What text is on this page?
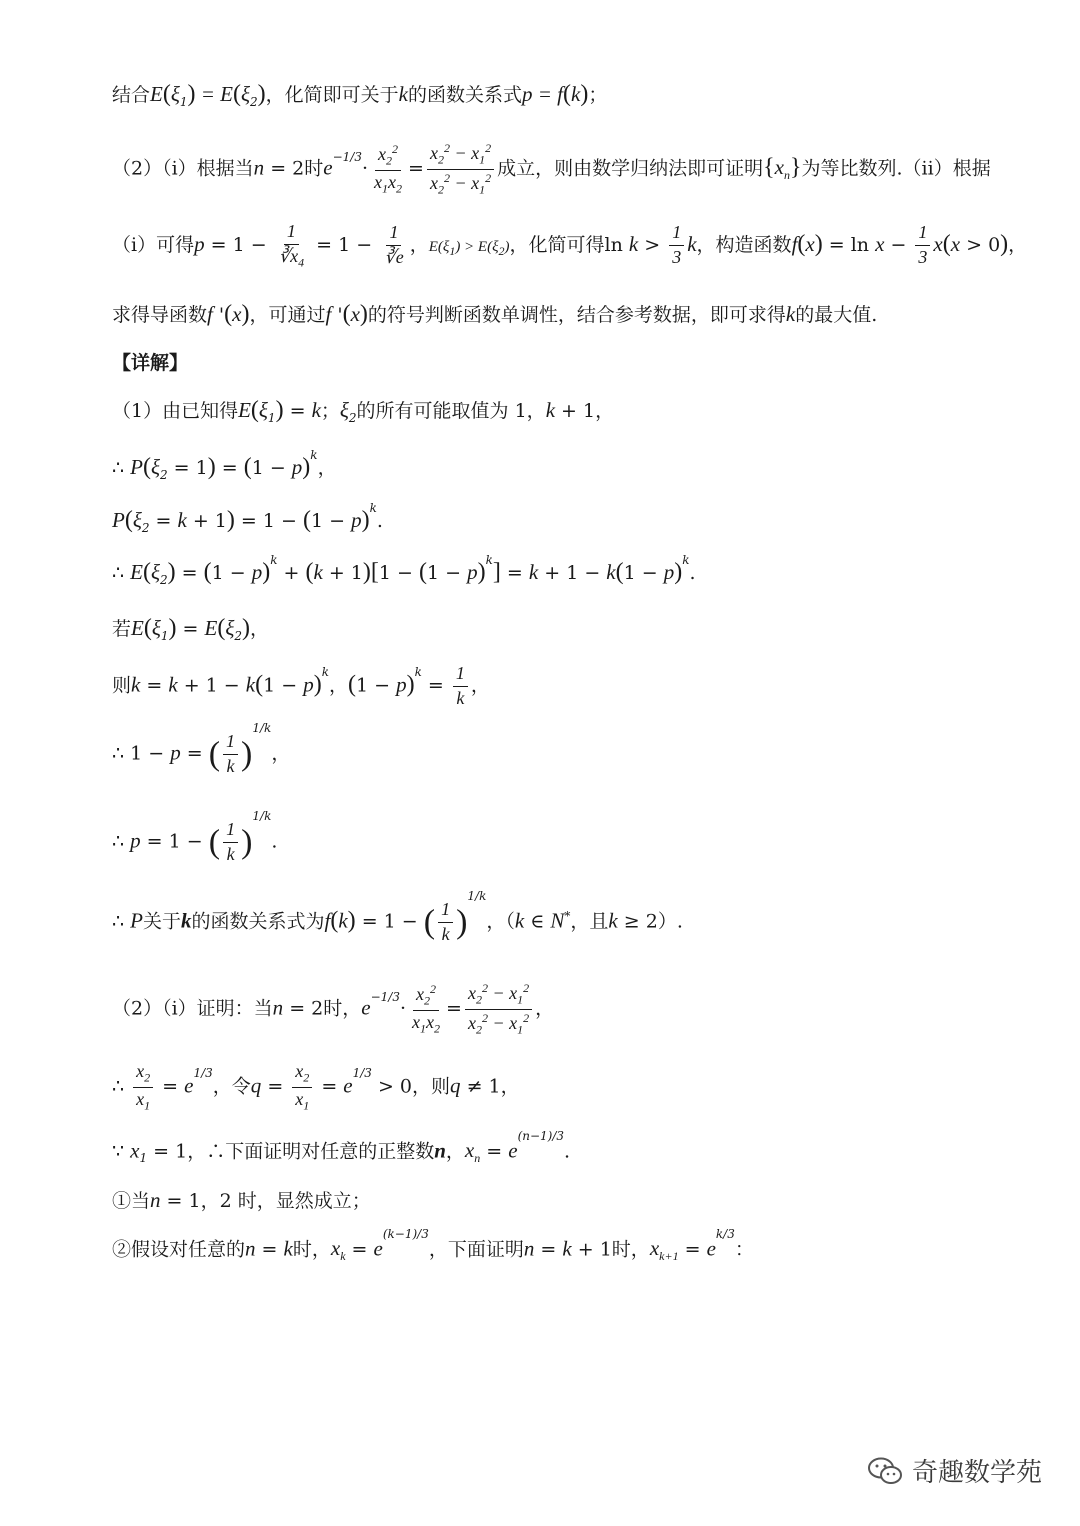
结合$E(\xi_1) = E(\xi_2)$，化简即可关于k的函数关系式p = f(k)；
（2）（i）根据当n = 2时$e^{-1/3}\cdot \frac{x_2^2}{x_1x_2} = \frac{x_2^2 - x_1^2}{x_2^2 - x_1^2}$ 成立，则由数学归纳法即可证明$\{x_n\}$为等比数列.（ii）根据
（i）可得$p = 1 - \frac{1}{∛x_4} = 1 - \frac{1}{∛e}$ ，$E(\xi_1) > E(\xi_2)$，化简可得$\ln k > \frac{1}{3}$ k，构造函数$f(x) = \ln x - \frac{1}{3} x(x > 0)$，
求得导函数f '(x)，可通过f '(x)的符号判断函数单调性，结合参考数据，即可求得k的最大值.
【详解】
（1）由已知得$E(\xi_1) = k$；$\xi_2$的所有可能取值为 1，k + 1，
∴ $P(\xi_2 = 1) = (1 - p)^k$，
$P(\xi_2 = k + 1) = 1 - (1 - p)^k$.
∴ $E(\xi_2) = (1 - p)^k + (k + 1)[1 - (1 - p)^k] = k + 1 - k(1 - p)^k$.
若$E(\xi_1) = E(\xi_2)$，
则$k = k + 1 - k(1 - p)^k$，$(1 - p)^k = \frac{1}{k}$ ，
∴ 1 − p = ( $\frac{1}{k} )^{1/k}$，
∴ p = 1 − ( $\frac{1}{k} )^{1/k}$.
∴ P关于k的函数关系式为f(k) = 1 − ( $\frac{1}{k} )^{1/k}$，（k ∈ N*，且k ≥ 2）.
（2）（i）证明：当n = 2时，$e^{-1/3}\cdot \frac{x_2^2}{x_1x_2} = \frac{x_2^2 - x_1^2}{x_2^2 - x_1^2}$ ，
∴ $\frac{x_2}{x_1} = e^{1/3}$，令$q = \frac{x_2}{x_1} = e^{1/3} > 0$，则q ≠ 1，
∵ $x_1 = 1$，∴下面证明对任意的正整数n，$x_n = e^{(n-1)/3}$.
①当n = 1，2 时，显然成立；
②假设对任意的n = k时，$x_k = e^{(k-1)/3}$，下面证明n = k + 1时，$x_{k+1} = e^{k/3}$：
奇趣数学苑
